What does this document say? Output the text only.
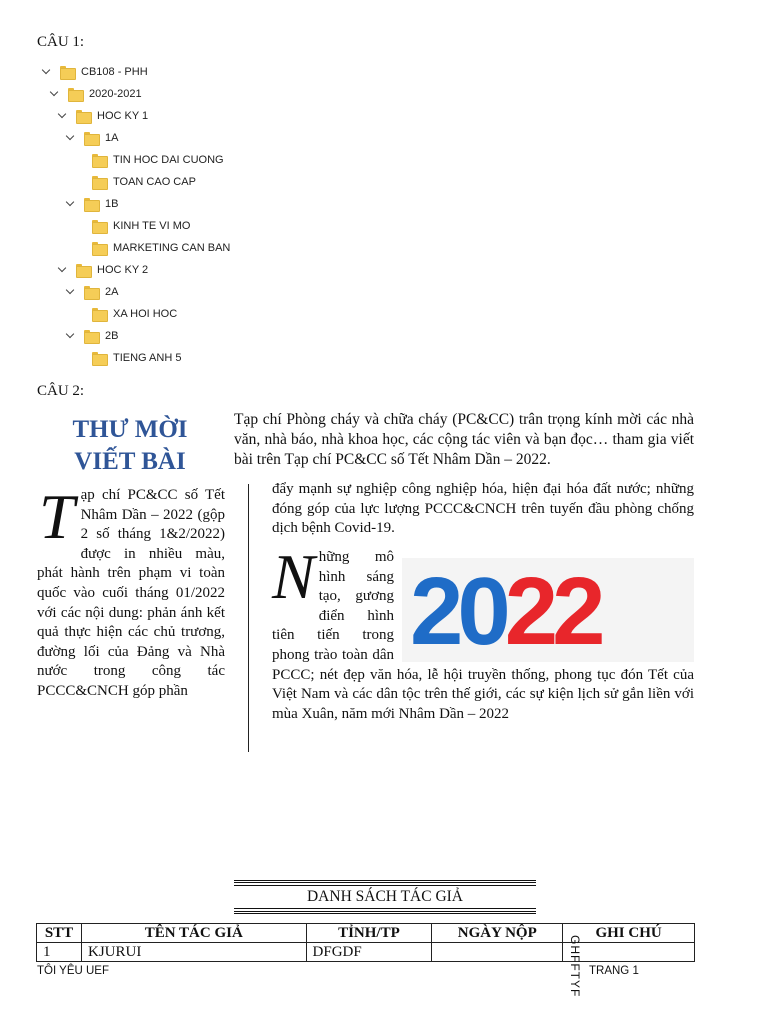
CÂU 1:
CB108 - PHH
2020-2021
HOC KY 1
1A
TIN HOC DAI CUONG
TOAN CAO CAP
1B
KINH TE VI MO
MARKETING CAN BAN
HOC KY 2
2A
XA HOI HOC
2B
TIENG ANH 5
CÂU 2:
THƯ MỜI
VIẾT BÀI
Tạp chí Phòng cháy và chữa cháy (PC&CC) trân trọng kính mời các nhà văn, nhà báo, nhà khoa học, các cộng tác viên và bạn đọc… tham gia viết bài trên Tạp chí PC&CC số Tết Nhâm Dần – 2022.
T ạp chí PC&CC số Tết Nhâm Dần – 2022 (gộp 2 số tháng 1&2/2022) được in nhiều màu, phát hành trên phạm vi toàn quốc vào cuối tháng 01/2022 với các nội dung: phản ánh kết quả thực hiện các chủ trương, đường lối của Đảng và Nhà nước trong công tác PCCC&CNCH góp phần
đẩy mạnh sự nghiệp công nghiệp hóa, hiện đại hóa đất nước; những đóng góp của lực lượng PCCC&CNCH trên tuyến đầu phòng chống dịch bệnh Covid-19.
2022
N hững mô hình sáng tạo, gương điển hình tiên tiến trong phong trào toàn dân PCCC; nét đẹp văn hóa, lễ hội truyền thống, phong tục đón Tết của Việt Nam và các dân tộc trên thế giới, các sự kiện lịch sử gắn liền với mùa Xuân, năm mới Nhâm Dần – 2022
DANH SÁCH TÁC GIẢ
STT	TÊN TÁC GIẢ	TỈNH/TP	NGÀY NỘP	GHI CHÚ
1	KJURUI	DFGDF		GHFFTYF
TÔI YÊU UEF	TRANG 1
